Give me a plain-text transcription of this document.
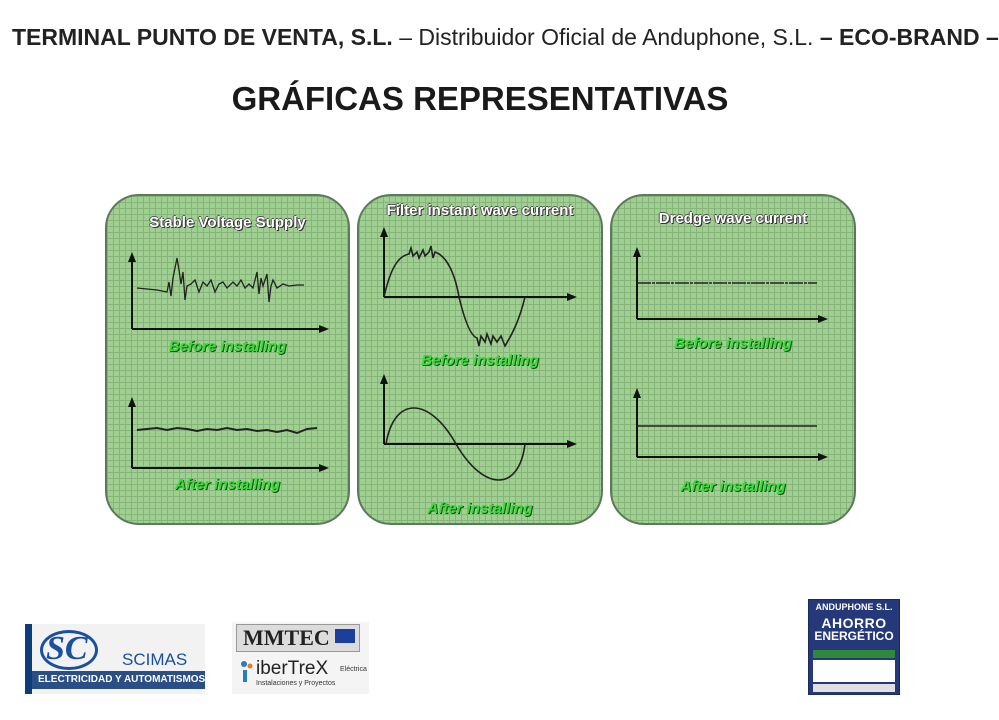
TERMINAL PUNTO DE VENTA, S.L. – Distribuidor Oficial de Anduphone, S.L. – ECO-BRAND –
GRÁFICAS REPRESENTATIVAS
Stable Voltage Supply
Before installing
After installing
Filter instant wave current
Before installing
After installing
Dredge wave current
Before installing
After installing
SC SCIMAS
ELECTRICIDAD Y AUTOMATISMOS
MMTEC
iberTreX
Instalaciones y Proyectos
Eléctrica
ANDUPHONE S.L.
AHORRO
ENERGÉTICO
